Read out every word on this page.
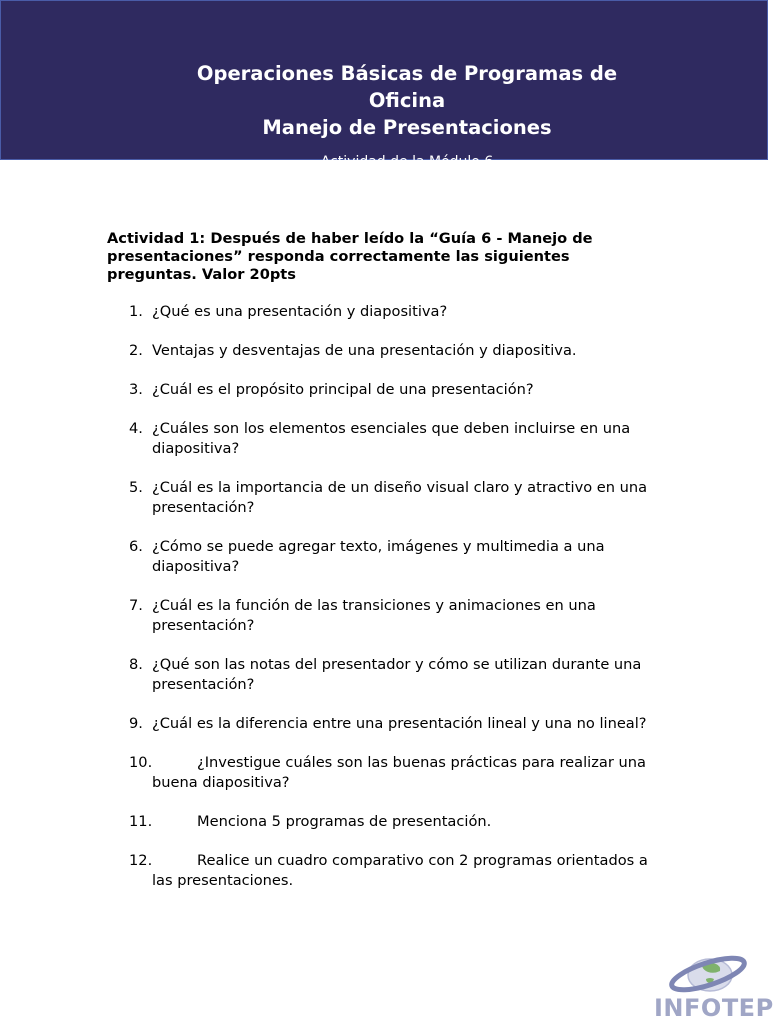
Operaciones Básicas de Programas de
Oficina
Manejo de Presentaciones
Actividad de la Módulo 6
Actividad 1: Después de haber leído la “Guía 6 - Manejo de presentaciones” responda correctamente las siguientes preguntas. Valor 20pts
1. ¿Qué es una presentación y diapositiva?
2. Ventajas y desventajas de una presentación y diapositiva.
3. ¿Cuál es el propósito principal de una presentación?
4. ¿Cuáles son los elementos esenciales que deben incluirse en una diapositiva?
5. ¿Cuál es la importancia de un diseño visual claro y atractivo en una presentación?
6. ¿Cómo se puede agregar texto, imágenes y multimedia a una diapositiva?
7. ¿Cuál es la función de las transiciones y animaciones en una presentación?
8. ¿Qué son las notas del presentador y cómo se utilizan durante una presentación?
9. ¿Cuál es la diferencia entre una presentación lineal y una no lineal?
10.	¿Investigue cuáles son las buenas prácticas para realizar una buena diapositiva?
11.	Menciona 5 programas de presentación.
12.	Realice un cuadro comparativo con 2 programas orientados a las presentaciones.
INFOTEP
